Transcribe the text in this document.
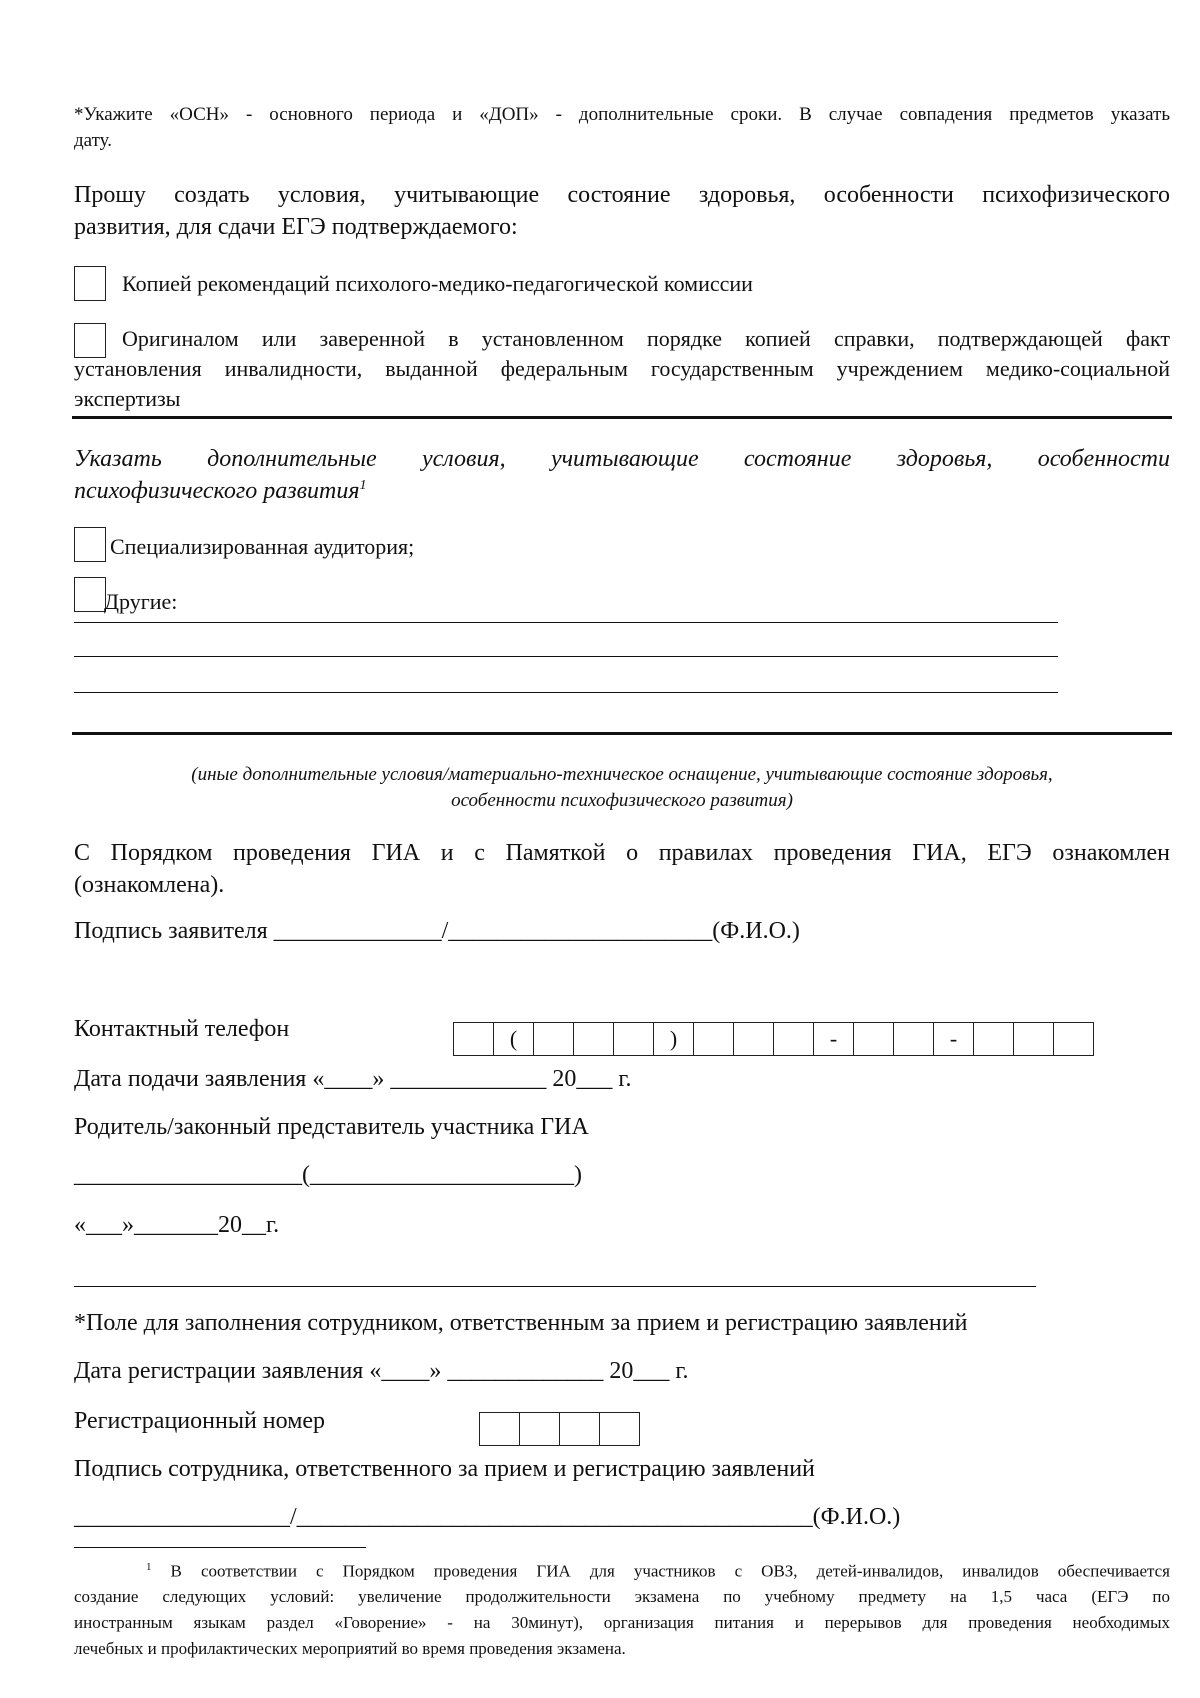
*Укажите «ОСН» - основного периода и «ДОП» - дополнительные сроки. В случае совпадения предметов указать
дату.
Прошу создать условия, учитывающие состояние здоровья, особенности психофизического
развития, для сдачи ЕГЭ подтверждаемого:
Копией рекомендаций психолого-медико-педагогической комиссии
Оригиналом или заверенной в установленном порядке копией справки, подтверждающей факт
установления инвалидности, выданной федеральным государственным учреждением медико-социальной
экспертизы
Указать дополнительные условия, учитывающие состояние здоровья, особенности
психофизического развития$^1$
Специализированная аудитория;
Другие:
(иные дополнительные условия/материально-техническое оснащение, учитывающие состояние здоровья,
особенности психофизического развития)
С Порядком проведения ГИА и с Памяткой о правилах проведения ГИА, ЕГЭ ознакомлен
(ознакомлена).
Подпись заявителя ______________/______________________(Ф.И.О.)
Контактный телефон	(	)	-	-
Дата подачи заявления «____» _____________ 20___ г.
Родитель/законный представитель участника ГИА
___________________(______________________)
«___»_______20__г.
*Поле для заполнения сотрудником, ответственным за прием и регистрацию заявлений
Дата регистрации заявления «____» _____________ 20___ г.
Регистрационный номер
Подпись сотрудника, ответственного за прием и регистрацию заявлений
__________________/___________________________________________(Ф.И.О.)
$^1$ В соответствии с Порядком проведения ГИА для участников с ОВЗ, детей-инвалидов, инвалидов обеспечивается
создание следующих условий: увеличение продолжительности экзамена по учебному предмету на 1,5 часа (ЕГЭ по
иностранным языкам раздел «Говорение» - на 30минут), организация питания и перерывов для проведения необходимых
лечебных и профилактических мероприятий во время проведения экзамена.
